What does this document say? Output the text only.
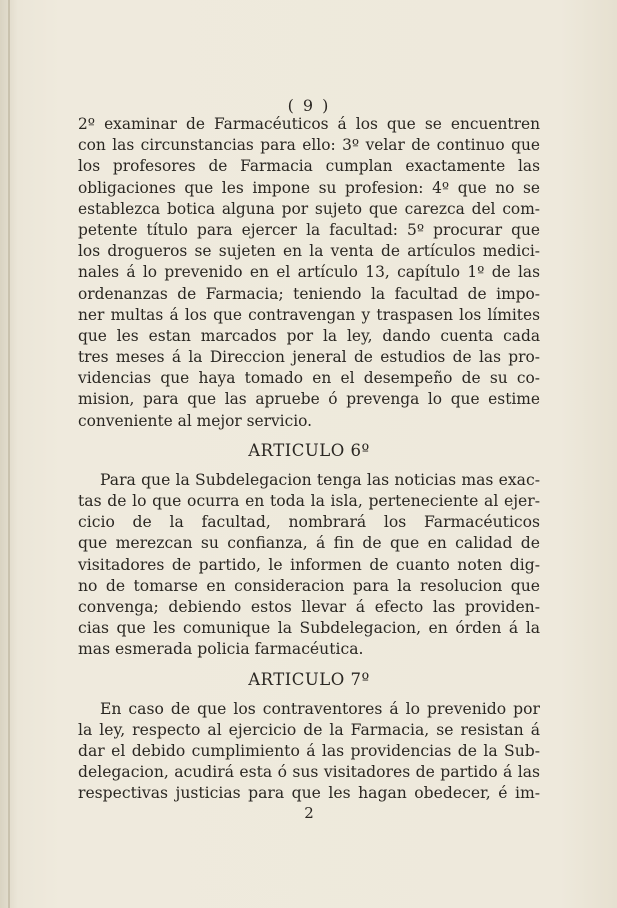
( 9 )
2º examinar de Farmacéuticos á los que se encuentren
con las circunstancias para ello: 3º velar de continuo que
los profesores de Farmacia cumplan exactamente las
obligaciones que les impone su profesion: 4º que no se
establezca botica alguna por sujeto que carezca del com-
petente título para ejercer la facultad: 5º procurar que
los drogueros se sujeten en la venta de artículos medici-
nales á lo prevenido en el artículo 13, capítulo 1º de las
ordenanzas de Farmacia; teniendo la facultad de impo-
ner multas á los que contravengan y traspasen los límites
que les estan marcados por la ley, dando cuenta cada
tres meses á la Direccion jeneral de estudios de las pro-
videncias que haya tomado en el desempeño de su co-
mision, para que las apruebe ó prevenga lo que estime
conveniente al mejor servicio.
ARTICULO 6º
Para que la Subdelegacion tenga las noticias mas exac-
tas de lo que ocurra en toda la isla, perteneciente al ejer-
cicio de la facultad, nombrará los Farmacéuticos
que merezcan su confianza, á fin de que en calidad de
visitadores de partido, le informen de cuanto noten dig-
no de tomarse en consideracion para la resolucion que
convenga; debiendo estos llevar á efecto las providen-
cias que les comunique la Subdelegacion, en órden á la
mas esmerada policia farmacéutica.
ARTICULO 7º
En caso de que los contraventores á lo prevenido por
la ley, respecto al ejercicio de la Farmacia, se resistan á
dar el debido cumplimiento á las providencias de la Sub-
delegacion, acudirá esta ó sus visitadores de partido á las
respectivas justicias para que les hagan obedecer, é im-
2
